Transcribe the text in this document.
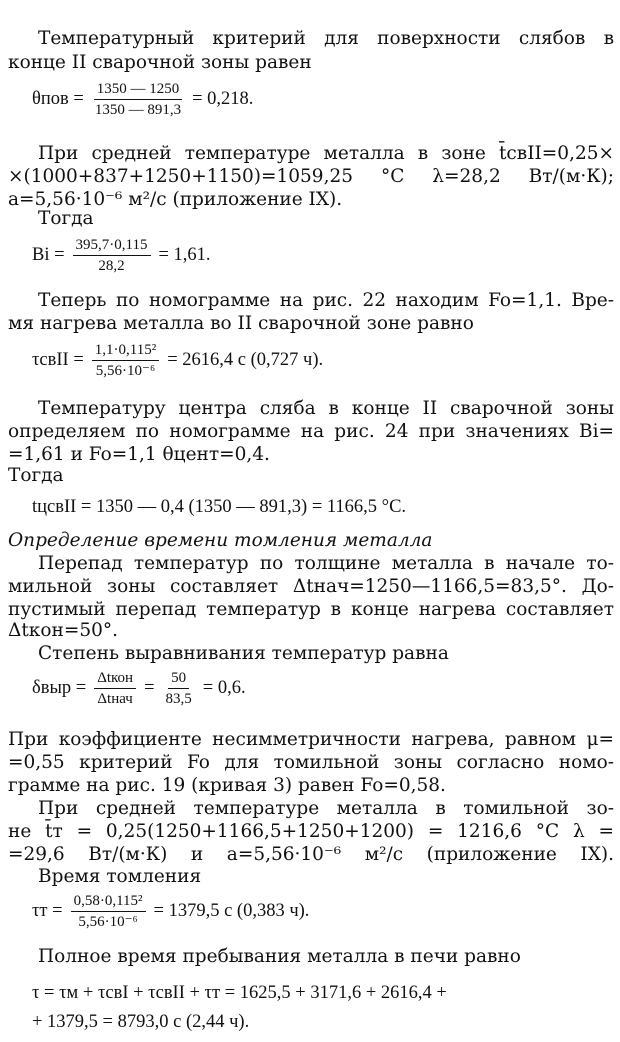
Температурный критерий для поверхности слябов в
конце II сварочной зоны равен
$\theta пов = \frac{1350 — 1250}{1350 — 891,3} = 0,218$.
При средней температуре металла в зоне t̄свII=0,25×
×(1000+837+1250+1150)=1059,25 °С λ=28,2 Вт/(м·К);
a=5,56·10⁻⁶ м²/с (приложение IX).
Тогда
$Bi = \frac{395,7\cdot 0,115}{28,2} = 1,61$.
Теперь по номограмме на рис. 22 находим Fo=1,1. Вре-
мя нагрева металла во II сварочной зоне равно
τсвII = $\frac{\text{1,1·0,115²}}{\text{5,56·10⁻⁶}} = 2616,4$ с (0,727 ч).
Температуру центра сляба в конце II сварочной зоны
определяем по номограмме на рис. 24 при значениях Bi=
=1,61 и Fo=1,1 θцент=0,4.
Тогда
tцсвII = 1350 — 0,4 (1350 — 891,3) = 1166,5 °С.
Определение времени томления металла
Перепад температур по толщине металла в начале то-
мильной зоны составляет Δtнач=1250—1166,5=83,5°. До-
пустимый перепад температур в конце нагрева составляет
Δtкон=50°.
Степень выравнивания температур равна
$\delta выр = \frac{\text{Δtкон}}{\text{Δtнач}} = \frac{50}{83,5} = 0,6$.
При коэффициенте несимметричности нагрева, равном μ=
=0,55 критерий Fo для томильной зоны согласно номо-
грамме на рис. 19 (кривая 3) равен Fo=0,58.
При средней температуре металла в томильной зо-
не t̄т = 0,25(1250+1166,5+1250+1200) = 1216,6 °С λ =
=29,6 Вт/(м·К) и a=5,56·10⁻⁶ м²/с (приложение IX).
Время томления
$\tau т = \frac{\text{0,58·0,115²}}{\text{5,56·10⁻⁶}} = 1379,5$ с (0,383 ч).
Полное время пребывания металла в печи равно
τ = τм + τсвI + τсвII + τт = 1625,5 + 3171,6 + 2616,4 +
+ 1379,5 = 8793,0 с (2,44 ч).
